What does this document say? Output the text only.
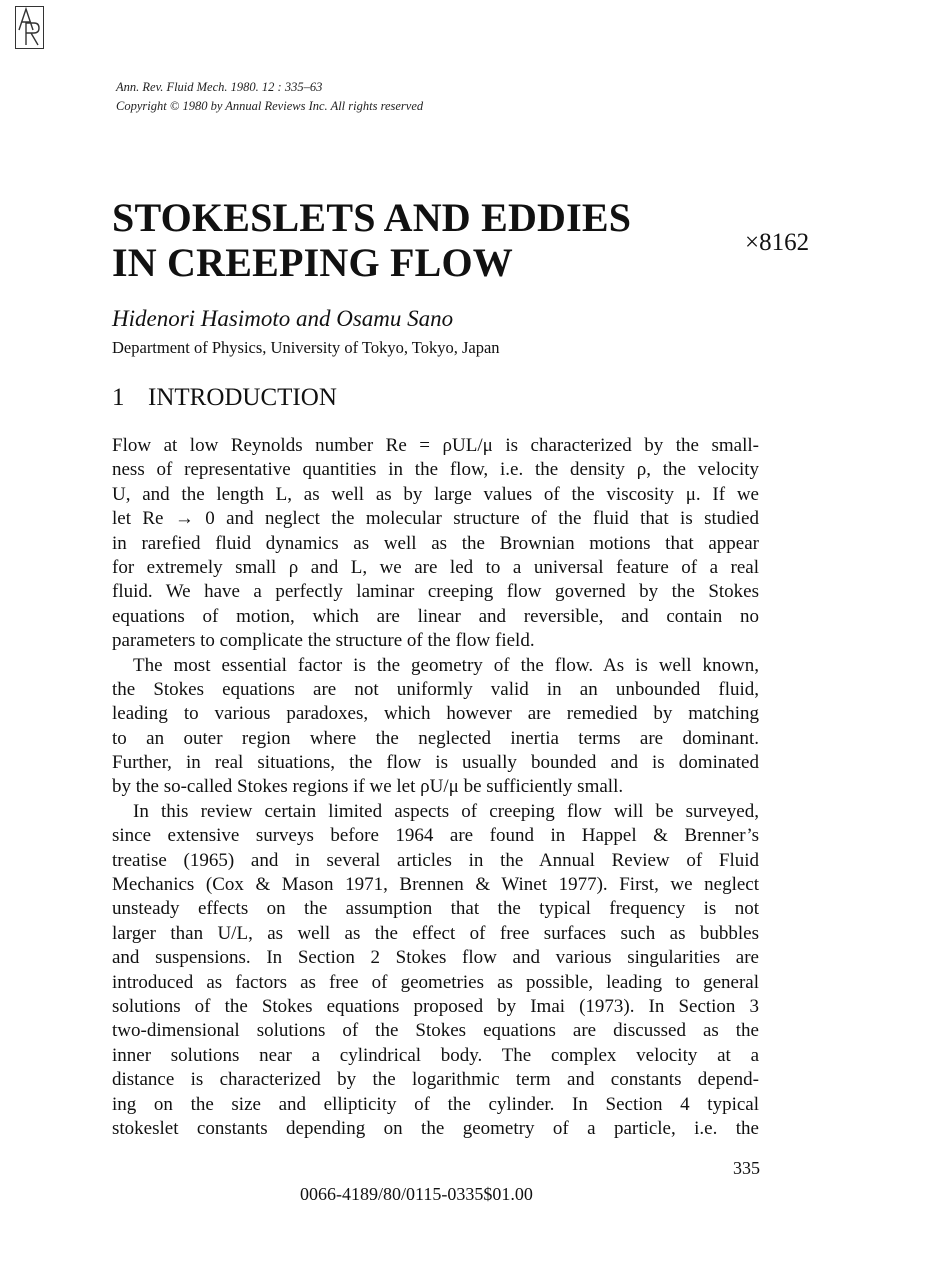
Ann. Rev. Fluid Mech. 1980. 12 : 335–63
Copyright © 1980 by Annual Reviews Inc. All rights reserved
STOKESLETS AND EDDIES
IN CREEPING FLOW	×8162
Hidenori Hasimoto and Osamu Sano
Department of Physics, University of Tokyo, Tokyo, Japan
1 INTRODUCTION
Flow at low Reynolds number Re = ρUL/μ is characterized by the small-
ness of representative quantities in the flow, i.e. the density ρ, the velocity
U, and the length L, as well as by large values of the viscosity μ. If we
let Re → 0 and neglect the molecular structure of the fluid that is studied
in rarefied fluid dynamics as well as the Brownian motions that appear
for extremely small ρ and L, we are led to a universal feature of a real
fluid. We have a perfectly laminar creeping flow governed by the Stokes
equations of motion, which are linear and reversible, and contain no
parameters to complicate the structure of the flow field.
The most essential factor is the geometry of the flow. As is well known,
the Stokes equations are not uniformly valid in an unbounded fluid,
leading to various paradoxes, which however are remedied by matching
to an outer region where the neglected inertia terms are dominant.
Further, in real situations, the flow is usually bounded and is dominated
by the so-called Stokes regions if we let ρU/μ be sufficiently small.
In this review certain limited aspects of creeping flow will be surveyed,
since extensive surveys before 1964 are found in Happel & Brenner’s
treatise (1965) and in several articles in the Annual Review of Fluid
Mechanics (Cox & Mason 1971, Brennen & Winet 1977). First, we neglect
unsteady effects on the assumption that the typical frequency is not
larger than U/L, as well as the effect of free surfaces such as bubbles
and suspensions. In Section 2 Stokes flow and various singularities are
introduced as factors as free of geometries as possible, leading to general
solutions of the Stokes equations proposed by Imai (1973). In Section 3
two-dimensional solutions of the Stokes equations are discussed as the
inner solutions near a cylindrical body. The complex velocity at a
distance is characterized by the logarithmic term and constants depend-
ing on the size and ellipticity of the cylinder. In Section 4 typical
stokeslet constants depending on the geometry of a particle, i.e. the
335
0066-4189/80/0115-0335$01.00
